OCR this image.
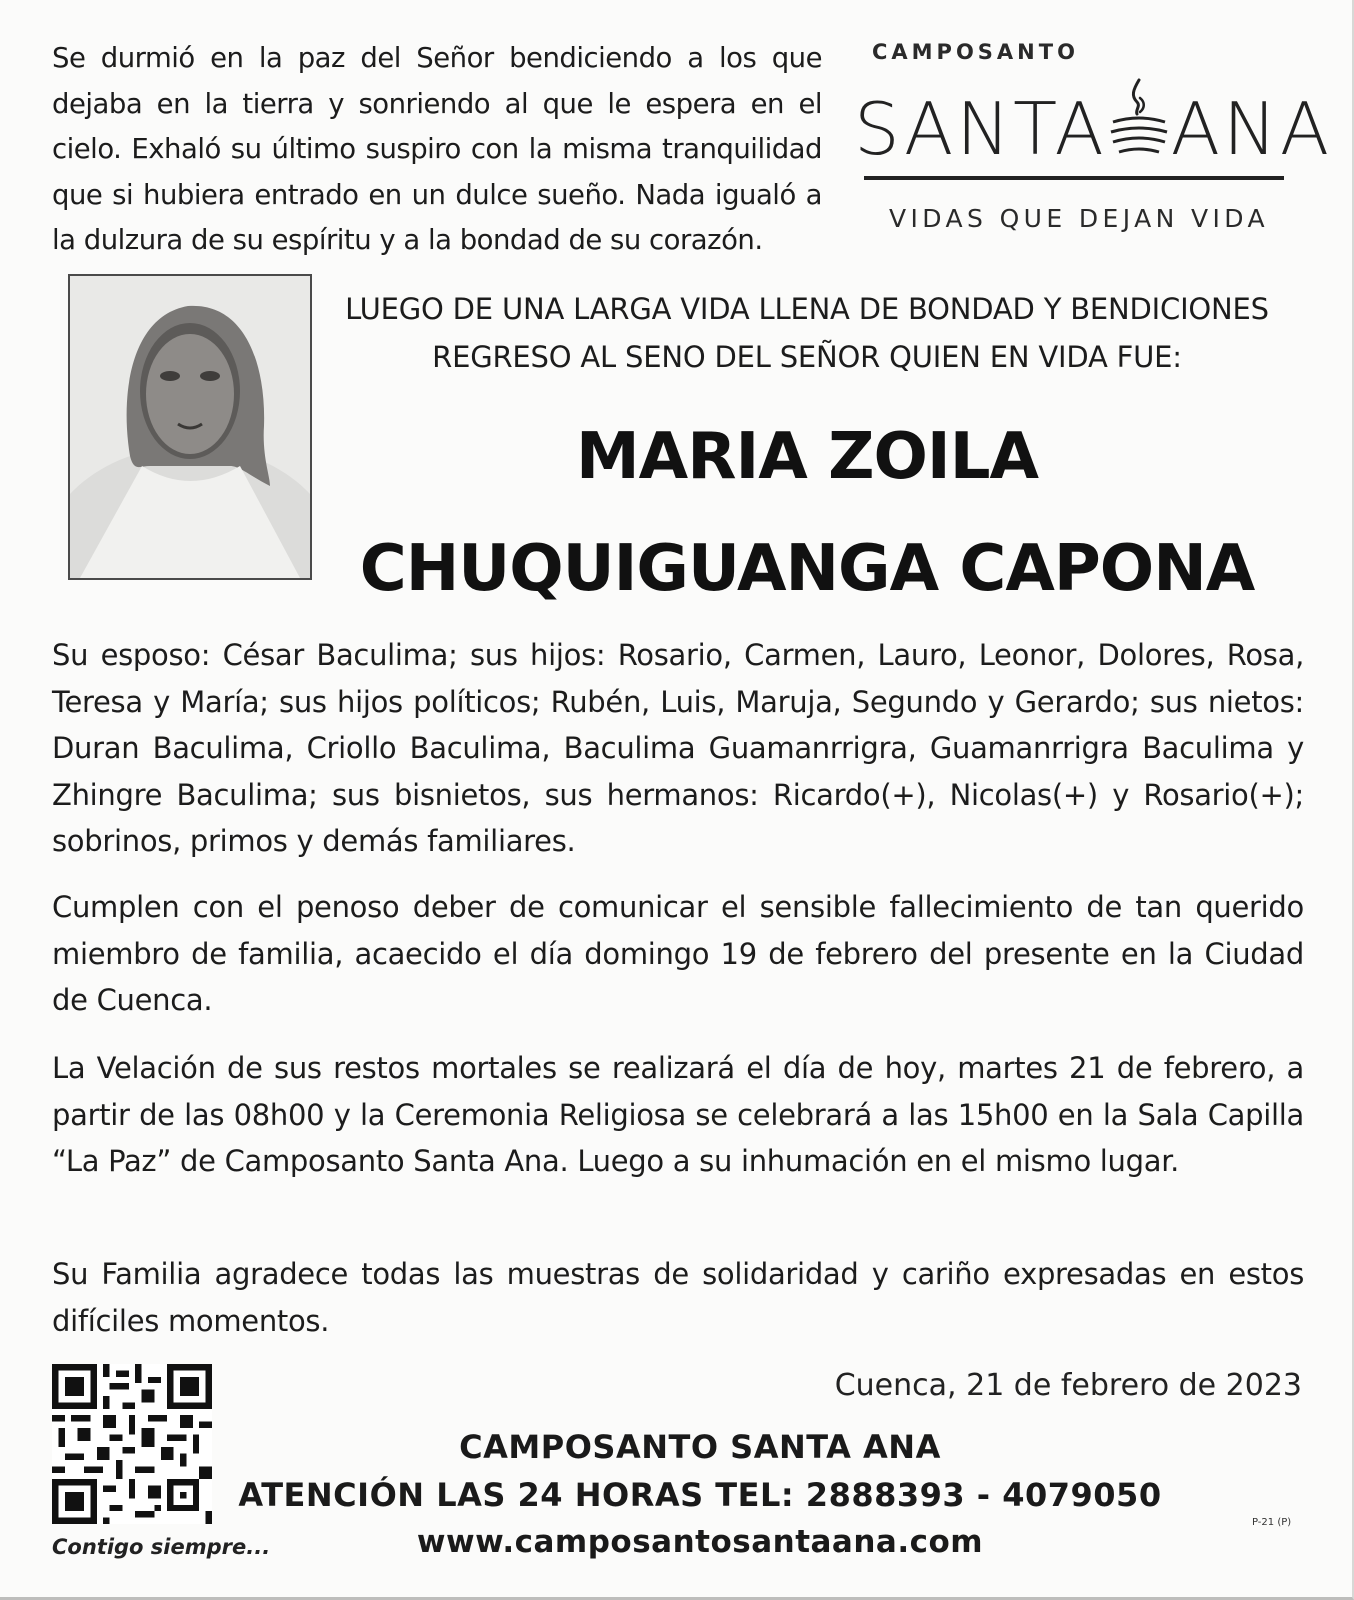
Se durmió en la paz del Señor bendiciendo a los que dejaba en la tierra y sonriendo al que le espera en el cielo. Exhaló su último suspiro con la misma tranquilidad que si hubiera entrado en un dulce sueño. Nada igualó a la dulzura de su espíritu y a la bondad de su corazón.
CAMPOSANTO
SANTA ANA
VIDAS QUE DEJAN VIDA
LUEGO DE UNA LARGA VIDA LLENA DE BONDAD Y BENDICIONES
REGRESO AL SENO DEL SEÑOR QUIEN EN VIDA FUE:
MARIA ZOILA
CHUQUIGUANGA CAPONA
Su esposo: César Baculima; sus hijos: Rosario, Carmen, Lauro, Leonor, Dolores, Rosa, Teresa y María; sus hijos políticos; Rubén, Luis, Maruja, Segundo y Gerardo; sus nietos: Duran Baculima, Criollo Baculima, Baculima Guamanrrigra, Guamanrrigra Baculima y Zhingre Baculima; sus bisnietos, sus hermanos: Ricardo(+), Nicolas(+) y Rosario(+); sobrinos, primos y demás familiares.
Cumplen con el penoso deber de comunicar el sensible fallecimiento de tan querido miembro de familia, acaecido el día domingo 19 de febrero del presente en la Ciudad de Cuenca.
La Velación de sus restos mortales se realizará el día de hoy, martes 21 de febrero, a partir de las 08h00 y la Ceremonia Religiosa se celebrará a las 15h00 en la Sala Capilla “La Paz” de Camposanto Santa Ana. Luego a su inhumación en el mismo lugar.
Su Familia agradece todas las muestras de solidaridad y cariño expresadas en estos difíciles momentos.
Contigo siempre...
Cuenca, 21 de febrero de 2023
CAMPOSANTO SANTA ANA
ATENCIÓN LAS 24 HORAS TEL: 2888393 - 4079050
www.camposantosantaana.com
P-21 (P)
